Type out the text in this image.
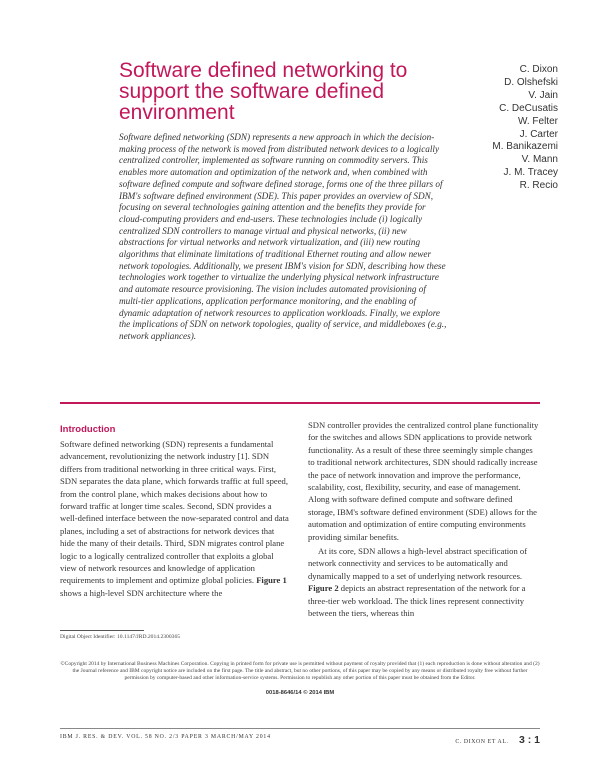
Software defined networking to support the software defined environment
C. Dixon
D. Olshefski
V. Jain
C. DeCusatis
W. Felter
J. Carter
M. Banikazemi
V. Mann
J. M. Tracey
R. Recio

Software defined networking (SDN) represents a new approach in which the decision-making process of the network is moved from distributed network devices to a logically centralized controller, implemented as software running on commodity servers. This enables more automation and optimization of the network and, when combined with software defined compute and software defined storage, forms one of the three pillars of IBM's software defined environment (SDE). This paper provides an overview of SDN, focusing on several technologies gaining attention and the benefits they provide for cloud-computing providers and end-users. These technologies include (i) logically centralized SDN controllers to manage virtual and physical networks, (ii) new abstractions for virtual networks and network virtualization, and (iii) new routing algorithms that eliminate limitations of traditional Ethernet routing and allow newer network topologies. Additionally, we present IBM's vision for SDN, describing how these technologies work together to virtualize the underlying physical network infrastructure and automate resource provisioning. The vision includes automated provisioning of multi-tier applications, application performance monitoring, and the enabling of dynamic adaptation of network resources to application workloads. Finally, we explore the implications of SDN on network topologies, quality of service, and middleboxes (e.g., network appliances).

Introduction

Software defined networking (SDN) represents a fundamental advancement, revolutionizing the network industry [1]. SDN differs from traditional networking in three critical ways. First, SDN separates the data plane, which forwards traffic at full speed, from the control plane, which makes decisions about how to forward traffic at longer time scales. Second, SDN provides a well-defined interface between the now-separated control and data planes, including a set of abstractions for network devices that hide the many of their details. Third, SDN migrates control plane logic to a logically centralized controller that exploits a global view of network resources and knowledge of application requirements to implement and optimize global policies. Figure 1 shows a high-level SDN architecture where the

SDN controller provides the centralized control plane functionality for the switches and allows SDN applications to provide network functionality. As a result of these three seemingly simple changes to traditional network architectures, SDN should radically increase the pace of network innovation and improve the performance, scalability, cost, flexibility, security, and ease of management. Along with software defined compute and software defined storage, IBM's software defined environment (SDE) allows for the automation and optimization of entire computing environments providing similar benefits.

At its core, SDN allows a high-level abstract specification of network connectivity and services to be automatically and dynamically mapped to a set of underlying network resources. Figure 2 depicts an abstract representation of the network for a three-tier web workload. The thick lines represent connectivity between the tiers, whereas thin

Digital Object Identifier: 10.1147/JRD.2014.2300365

©Copyright 2014 by International Business Machines Corporation. Copying in printed form for private use is permitted without payment of royalty provided that (1) each reproduction is done without alteration and (2) the Journal reference and IBM copyright notice are included on the first page. The title and abstract, but no other portions, of this paper may be copied by any means or distributed royalty free without further permission by computer-based and other information-service systems. Permission to republish any other portion of this paper must be obtained from the Editor.

0018-8646/14 © 2014 IBM
IBM J. RES. & DEV. VOL. 58 NO. 2/3 PAPER 3 MARCH/MAY 2014
C. DIXON ET AL. 3 : 1
